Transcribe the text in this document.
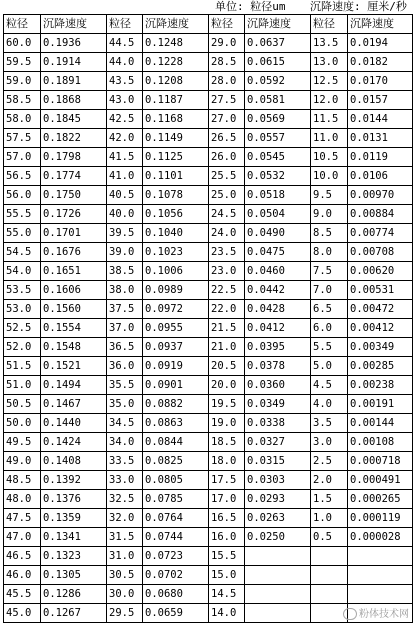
单位: 粒径um 沉降速度: 厘米/秒
粒径	沉降速度	粒径	沉降速度	粒径	沉降速度	粒径	沉降速度
60.0	0.1936	44.5	0.1248	29.0	0.0637	13.5	0.0194
59.5	0.1914	44.0	0.1228	28.5	0.0615	13.0	0.0182
59.0	0.1891	43.5	0.1208	28.0	0.0592	12.5	0.0170
58.5	0.1868	43.0	0.1187	27.5	0.0581	12.0	0.0157
58.0	0.1845	42.5	0.1168	27.0	0.0569	11.5	0.0144
57.5	0.1822	42.0	0.1149	26.5	0.0557	11.0	0.0131
57.0	0.1798	41.5	0.1125	26.0	0.0545	10.5	0.0119
56.5	0.1774	41.0	0.1101	25.5	0.0532	10.0	0.0106
56.0	0.1750	40.5	0.1078	25.0	0.0518	9.5	0.00970
55.5	0.1726	40.0	0.1056	24.5	0.0504	9.0	0.00884
55.0	0.1701	39.5	0.1040	24.0	0.0490	8.5	0.00774
54.5	0.1676	39.0	0.1023	23.5	0.0475	8.0	0.00708
54.0	0.1651	38.5	0.1006	23.0	0.0460	7.5	0.00620
53.5	0.1606	38.0	0.0989	22.5	0.0442	7.0	0.00531
53.0	0.1560	37.5	0.0972	22.0	0.0428	6.5	0.00472
52.5	0.1554	37.0	0.0955	21.5	0.0412	6.0	0.00412
52.0	0.1548	36.5	0.0937	21.0	0.0395	5.5	0.00349
51.5	0.1521	36.0	0.0919	20.5	0.0378	5.0	0.00285
51.0	0.1494	35.5	0.0901	20.0	0.0360	4.5	0.00238
50.5	0.1467	35.0	0.0882	19.5	0.0349	4.0	0.00191
50.0	0.1440	34.5	0.0863	19.0	0.0338	3.5	0.00144
49.5	0.1424	34.0	0.0844	18.5	0.0327	3.0	0.00108
49.0	0.1408	33.5	0.0825	18.0	0.0315	2.5	0.000718
48.5	0.1392	33.0	0.0805	17.5	0.0303	2.0	0.000491
48.0	0.1376	32.5	0.0785	17.0	0.0293	1.5	0.000265
47.5	0.1359	32.0	0.0764	16.5	0.0263	1.0	0.000119
47.0	0.1341	31.5	0.0744	16.0	0.0250	0.5	0.000028
46.5	0.1323	31.0	0.0723	15.5			
46.0	0.1305	30.5	0.0702	15.0			
45.5	0.1286	30.0	0.0680	14.5			
45.0	0.1267	29.5	0.0659	14.0				粉体技术网
